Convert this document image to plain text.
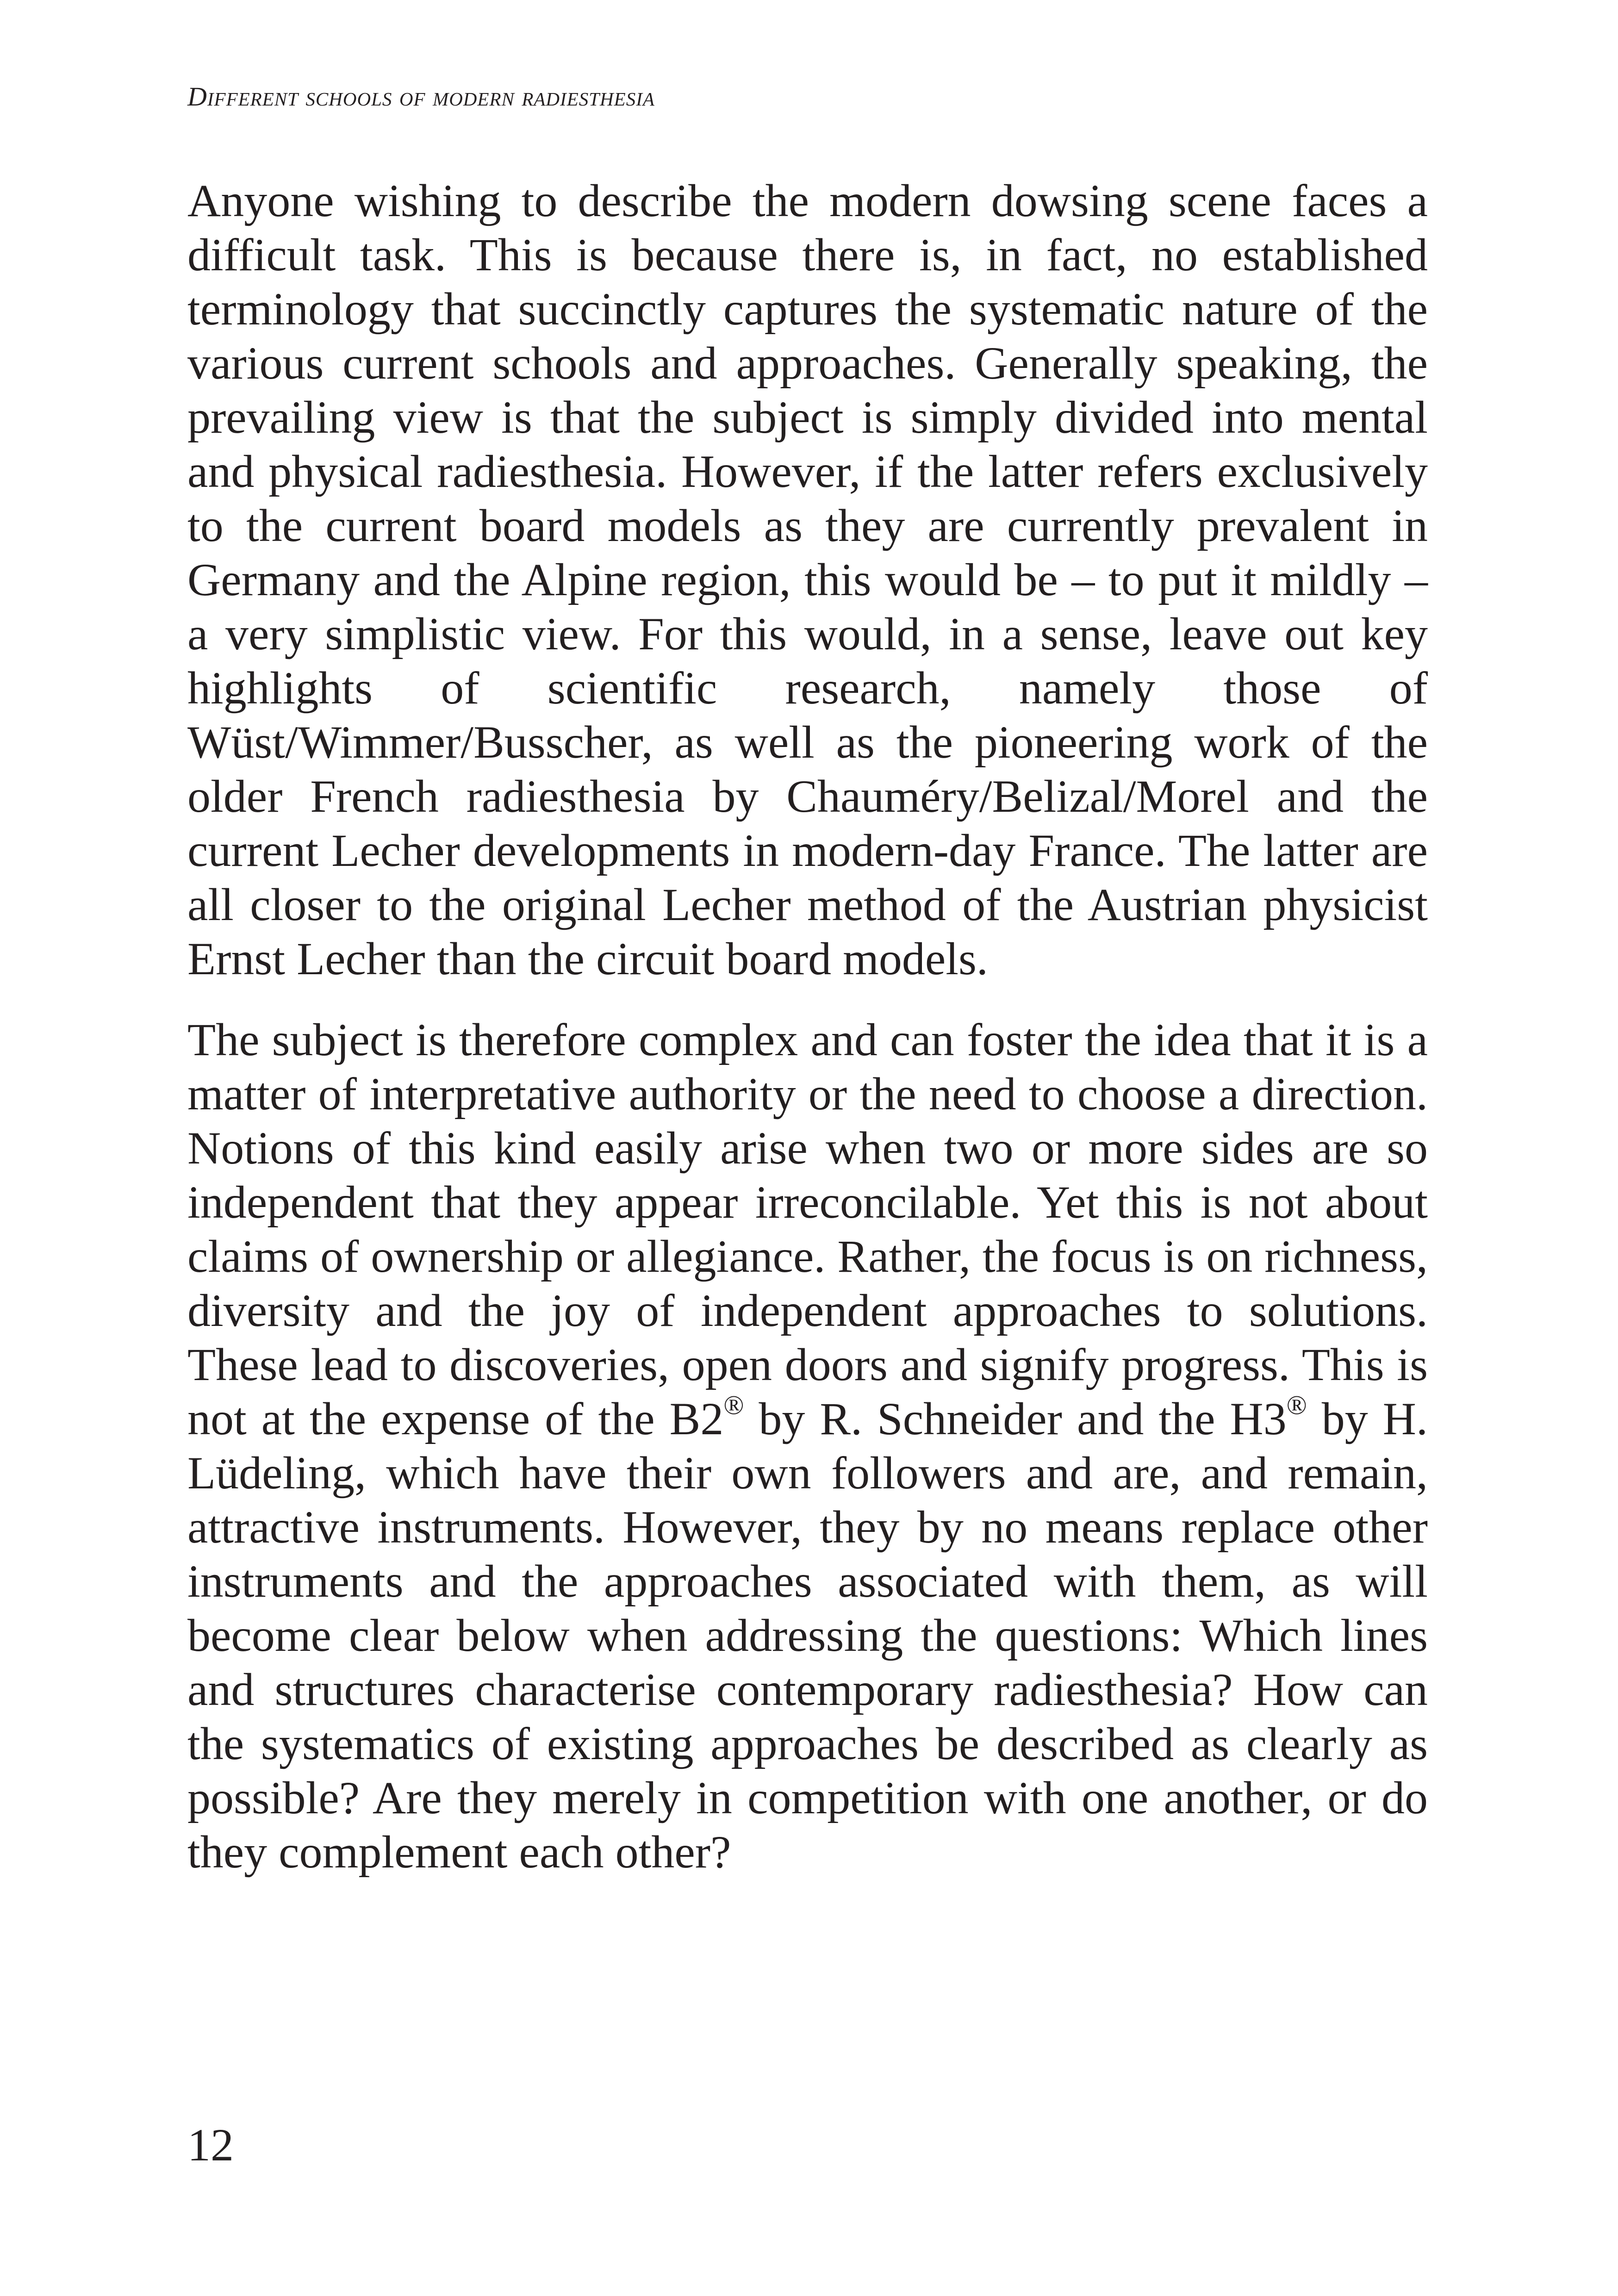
Different schools of modern radiesthesia

Anyone wishing to describe the modern dowsing scene faces a difficult task. This is because there is, in fact, no established terminology that succinctly captures the systematic nature of the various current schools and approaches. Generally speaking, the prevailing view is that the subject is simply divided into mental and physical radiesthesia. However, if the latter refers exclusively to the current board models as they are currently prevalent in Germany and the Alpine region, this would be – to put it mildly – a very simplistic view. For this would, in a sense, leave out key highlights of scientific research, namely those of Wüst/Wimmer/Busscher, as well as the pioneering work of the older French radiesthesia by Chauméry/Belizal/Morel and the current Lecher developments in modern-day France. The latter are all closer to the original Lecher method of the Austrian physicist Ernst Lecher than the circuit board models.

The subject is therefore complex and can foster the idea that it is a matter of interpretative authority or the need to choose a direction. Notions of this kind easily arise when two or more sides are so independent that they appear irreconcilable. Yet this is not about claims of ownership or allegiance. Rather, the focus is on richness, diversity and the joy of independent approaches to solutions. These lead to discoveries, open doors and signify progress. This is not at the expense of the B2® by R. Schneider and the H3® by H. Lüdeling, which have their own followers and are, and remain, attractive instruments. However, they by no means replace other instruments and the approaches associated with them, as will become clear below when addressing the questions: Which lines and structures characterise contemporary radiesthesia? How can the systematics of existing approaches be described as clearly as possible? Are they merely in competition with one another, or do they complement each other?

12
